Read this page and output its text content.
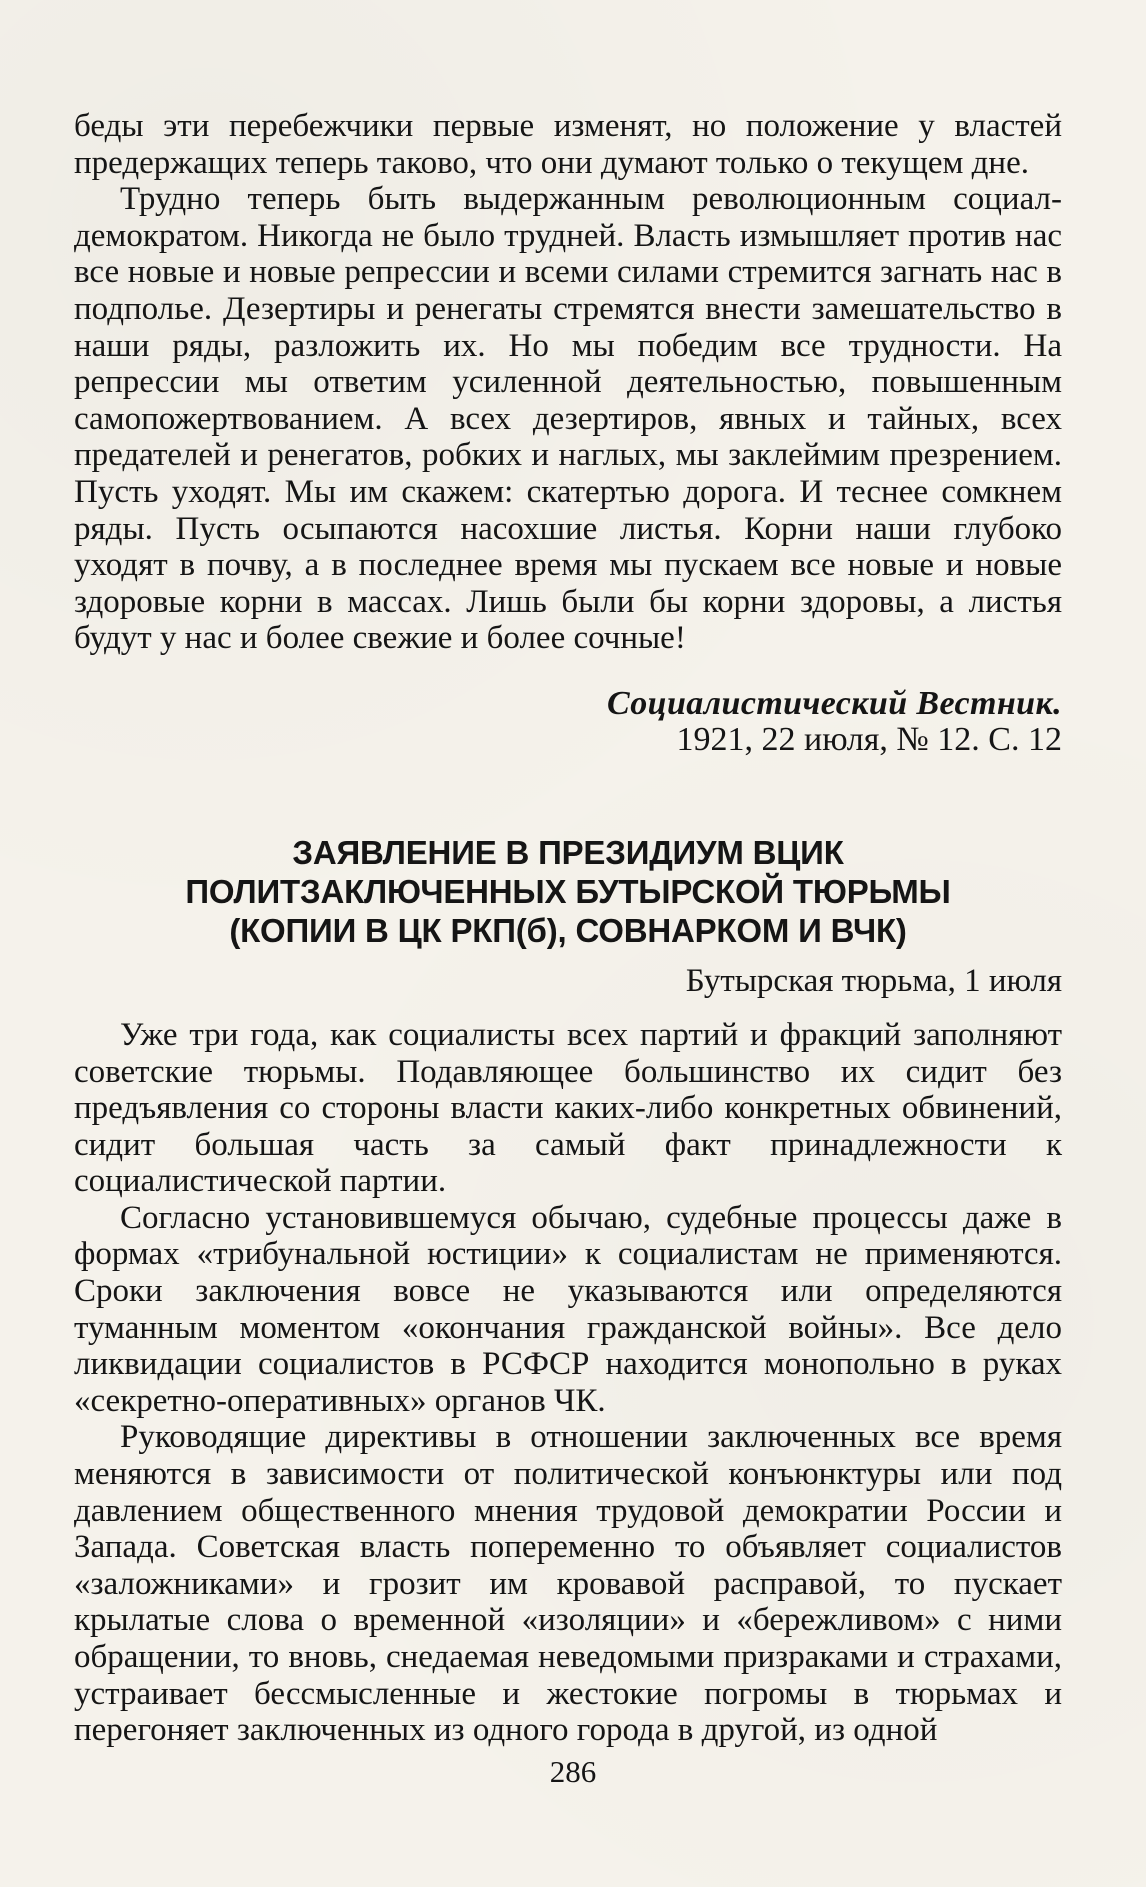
беды эти перебежчики первые изменят, но положение у властей предержащих теперь таково, что они думают только о текущем дне.

Трудно теперь быть выдержанным революционным социал-демократом. Никогда не было трудней. Власть измышляет против нас все новые и новые репрессии и всеми силами стремится загнать нас в подполье. Дезертиры и ренегаты стремятся внести замешательство в наши ряды, разложить их. Но мы победим все трудности. На репрессии мы ответим усиленной деятельностью, повышенным самопожертвованием. А всех дезертиров, явных и тайных, всех предателей и ренегатов, робких и наглых, мы заклеймим презрением. Пусть уходят. Мы им скажем: скатертью дорога. И теснее сомкнем ряды. Пусть осыпаются насохшие листья. Корни наши глубоко уходят в почву, а в последнее время мы пускаем все новые и новые здоровые корни в массах. Лишь были бы корни здоровы, а листья будут у нас и более свежие и более сочные!

Социалистический Вестник.
1921, 22 июля, № 12. С. 12
ЗАЯВЛЕНИЕ В ПРЕЗИДИУМ ВЦИК
ПОЛИТЗАКЛЮЧЕННЫХ БУТЫРСКОЙ ТЮРЬМЫ
(КОПИИ В ЦК РКП(б), СОВНАРКОМ И ВЧК)
Бутырская тюрьма, 1 июля

Уже три года, как социалисты всех партий и фракций заполняют советские тюрьмы. Подавляющее большинство их сидит без предъявления со стороны власти каких-либо конкретных обвинений, сидит большая часть за самый факт принадлежности к социалистической партии.

Согласно установившемуся обычаю, судебные процессы даже в формах «трибунальной юстиции» к социалистам не применяются. Сроки заключения вовсе не указываются или определяются туманным моментом «окончания гражданской войны». Все дело ликвидации социалистов в РСФСР находится монопольно в руках «секретно-оперативных» органов ЧК.

Руководящие директивы в отношении заключенных все время меняются в зависимости от политической конъюнктуры или под давлением общественного мнения трудовой демократии России и Запада. Советская власть попеременно то объявляет социалистов «заложниками» и грозит им кровавой расправой, то пускает крылатые слова о временной «изоляции» и «бережливом» с ними обращении, то вновь, снедаемая неведомыми призраками и страхами, устраивает бессмысленные и жестокие погромы в тюрьмах и перегоняет заключенных из одного города в другой, из одной

286
